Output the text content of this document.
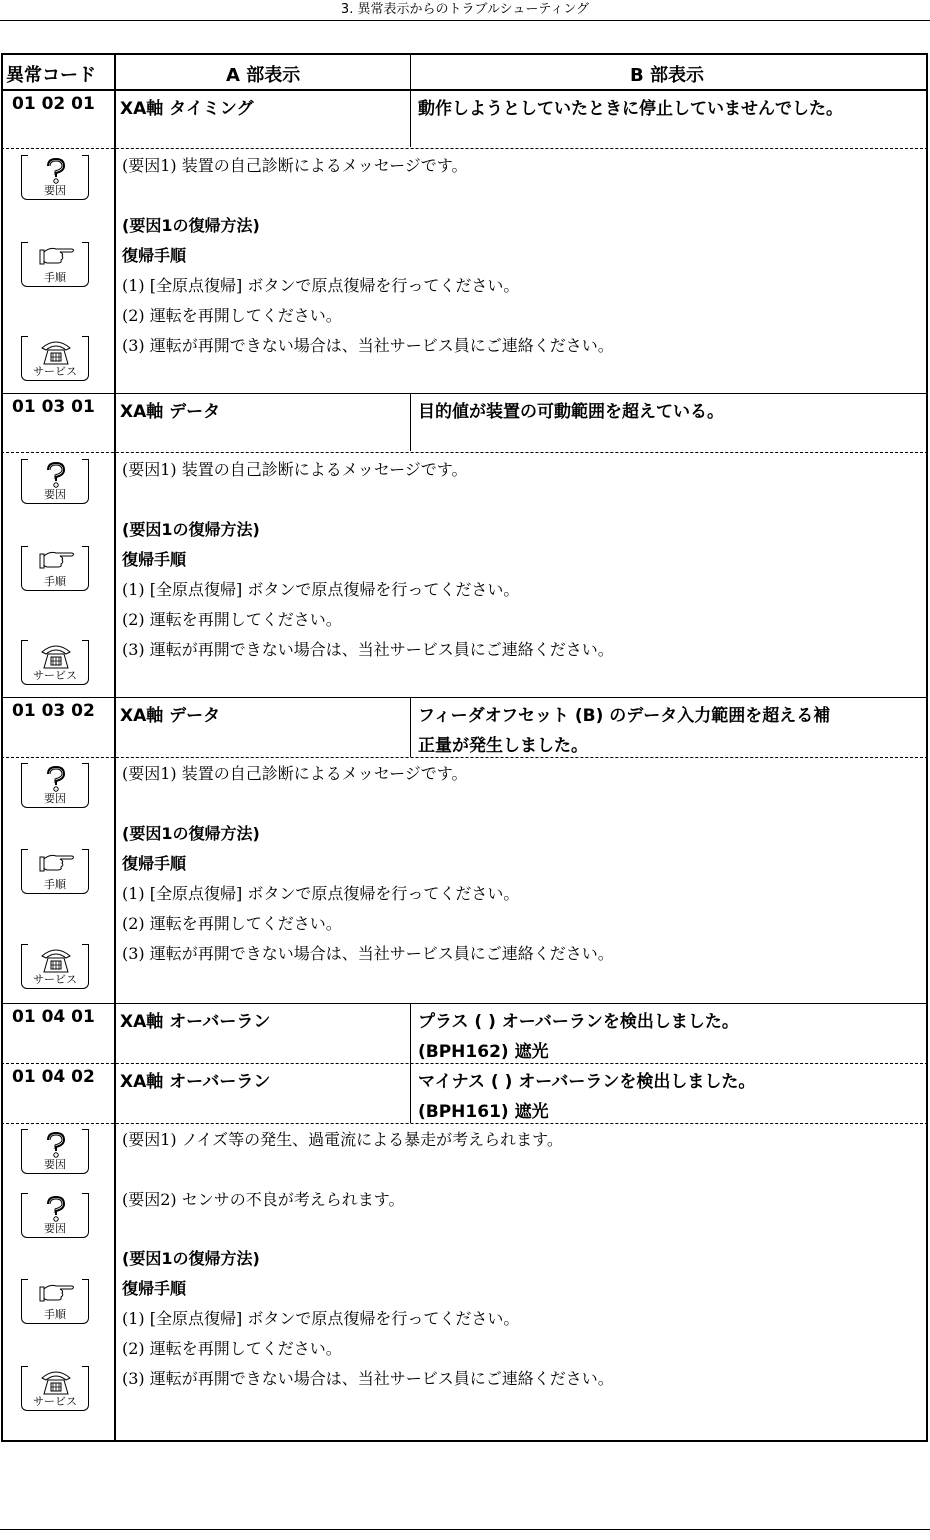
3. 異常表示からのトラブルシューティング
異常コード	A 部表示	B 部表示
01 02 01 XA軸 タイミング	動作しようとしていたときに停止していませんでした。
(要因1) 装置の自己診断によるメッセージです。
(要因1の復帰方法)
復帰手順
(1) [全原点復帰] ボタンで原点復帰を行ってください。
(2) 運転を再開してください。
(3) 運転が再開できない場合は、当社サービス員にご連絡ください。
要因
手順
サービス
01 03 01 XA軸 データ	目的値が装置の可動範囲を超えている。
(要因1) 装置の自己診断によるメッセージです。
(要因1の復帰方法)
復帰手順
(1) [全原点復帰] ボタンで原点復帰を行ってください。
(2) 運転を再開してください。
(3) 運転が再開できない場合は、当社サービス員にご連絡ください。
要因
手順
サービス
01 03 02 XA軸 データ	フィーダオフセット (B) のデータ入力範囲を超える補
正量が発生しました。
(要因1) 装置の自己診断によるメッセージです。
(要因1の復帰方法)
復帰手順
(1) [全原点復帰] ボタンで原点復帰を行ってください。
(2) 運転を再開してください。
(3) 運転が再開できない場合は、当社サービス員にご連絡ください。
要因
手順
サービス
01 04 01 XA軸 オーバーラン	プラス ( ) オーバーランを検出しました。
(BPH162) 遮光
01 04 02 XA軸 オーバーラン	マイナス ( ) オーバーランを検出しました。
(BPH161) 遮光
(要因1) ノイズ等の発生、過電流による暴走が考えられます。
(要因2) センサの不良が考えられます。
(要因1の復帰方法)
復帰手順
(1) [全原点復帰] ボタンで原点復帰を行ってください。
(2) 運転を再開してください。
(3) 運転が再開できない場合は、当社サービス員にご連絡ください。
要因
要因
手順
サービス
